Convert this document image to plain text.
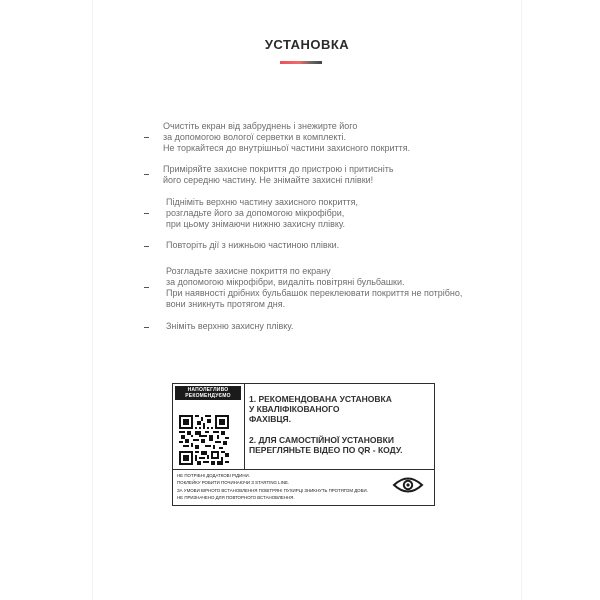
УСТАНОВКА
Очистіть екран від забруднень і знежирте його
за допомогою вологої серветки в комплекті.
Не торкайтеся до внутрішньої частини захисного покриття.
Приміряйте захисне покриття до пристрою і притисніть
його середню частину. Не знімайте захисні плівки!
Підніміть верхню частину захисного покриття,
розгладьте його за допомогою мікрофібри,
при цьому знімаючи нижню захисну плівку.
Повторіть дії з нижньою частиною плівки.
Розгладьте захисне покриття по екрану
за допомогою мікрофібри, видаліть повітряні бульбашки.
При наявності дрібних бульбашок переклеювати покриття не потрібно,
вони зникнуть протягом дня.
Зніміть верхню захисну плівку.
НАПОЛЕГЛИВО
РЕКОМЕНДУЄМО	1. РЕКОМЕНДОВАНА УСТАНОВКА
У КВАЛІФІКОВАНОГО
ФАХІВЦЯ.
2. ДЛЯ САМОСТІЙНОЇ УСТАНОВКИ
ПЕРЕГЛЯНЬТЕ ВІДЕО ПО QR - КОДУ.
НЕ ПОТРІБНІ ДОДАТКОВІ РІДИНИ.
ПОКЛЕЙКУ РОБИТИ ПОЧИНАЮЧИ З STARTING LINE.
ЗА УМОВИ ВІРНОГО ВСТАНОВЛЕННЯ ПОВІТРЯНІ ПУХИРЦІ ЗНИКНУТЬ ПРОТЯГОМ ДОБИ.
НЕ ПРИЗНАЧЕНО ДЛЯ ПОВТОРНОГО ВСТАНОВЛЕННЯ.
